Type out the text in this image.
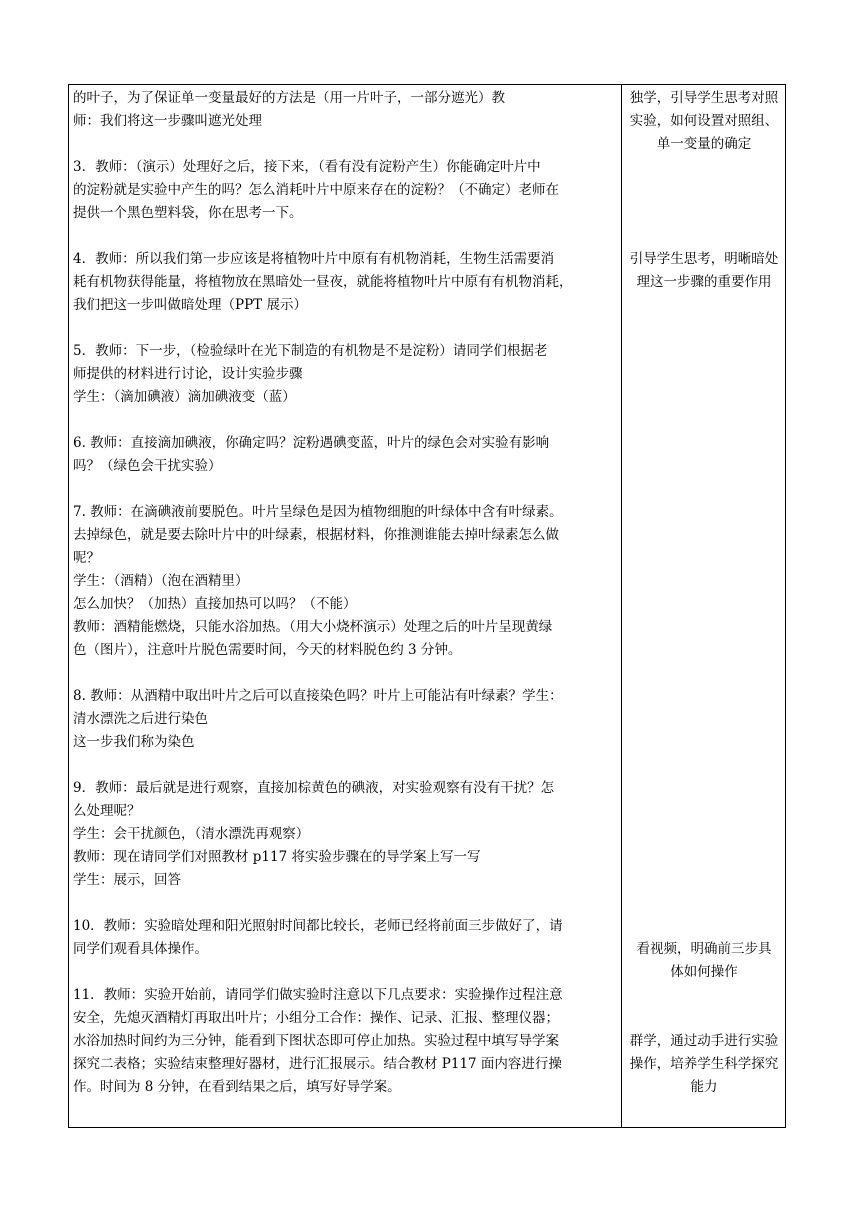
的叶子，为了保证单一变量最好的方法是（用一片叶子，一部分遮光）教
师：我们将这一步骤叫遮光处理
3．教师：（演示）处理好之后，接下来，（看有没有淀粉产生）你能确定叶片中
的淀粉就是实验中产生的吗？怎么消耗叶片中原来存在的淀粉？（不确定）老师在
提供一个黑色塑料袋，你在思考一下。
4．教师：所以我们第一步应该是将植物叶片中原有有机物消耗，生物生活需要消
耗有机物获得能量，将植物放在黑暗处一昼夜，就能将植物叶片中原有有机物消耗，
我们把这一步叫做暗处理（PPT 展示）
5．教师：下一步，（检验绿叶在光下制造的有机物是不是淀粉）请同学们根据老
师提供的材料进行讨论，设计实验步骤
学生：（滴加碘液）滴加碘液变（蓝）
6. 教师：直接滴加碘液，你确定吗？淀粉遇碘变蓝，叶片的绿色会对实验有影响
吗？（绿色会干扰实验）
7. 教师：在滴碘液前要脱色。叶片呈绿色是因为植物细胞的叶绿体中含有叶绿素。
去掉绿色，就是要去除叶片中的叶绿素，根据材料，你推测谁能去掉叶绿素怎么做
呢？
学生：（酒精）（泡在酒精里）
怎么加快？（加热）直接加热可以吗？（不能）
教师：酒精能燃烧，只能水浴加热。（用大小烧杯演示）处理之后的叶片呈现黄绿
色（图片），注意叶片脱色需要时间，今天的材料脱色约 3 分钟。
8. 教师：从酒精中取出叶片之后可以直接染色吗？叶片上可能沾有叶绿素？学生：
清水漂洗之后进行染色
这一步我们称为染色
9．教师：最后就是进行观察，直接加棕黄色的碘液，对实验观察有没有干扰？怎
么处理呢？
学生：会干扰颜色，（清水漂洗再观察）
教师：现在请同学们对照教材 p117 将实验步骤在的导学案上写一写
学生：展示，回答
10．教师：实验暗处理和阳光照射时间都比较长，老师已经将前面三步做好了，请
同学们观看具体操作。
11．教师：实验开始前，请同学们做实验时注意以下几点要求：实验操作过程注意
安全，先熄灭酒精灯再取出叶片；小组分工合作：操作、记录、汇报、整理仪器；
水浴加热时间约为三分钟，能看到下图状态即可停止加热。实验过程中填写导学案
探究二表格；实验结束整理好器材，进行汇报展示。结合教材 P117 面内容进行操
作。时间为 8 分钟，在看到结果之后，填写好导学案。
独学，引导学生思考对照
实验，如何设置对照组、
单一变量的确定
引导学生思考，明晰暗处
理这一步骤的重要作用
看视频，明确前三步具
体如何操作
群学，通过动手进行实验
操作，培养学生科学探究
能力
